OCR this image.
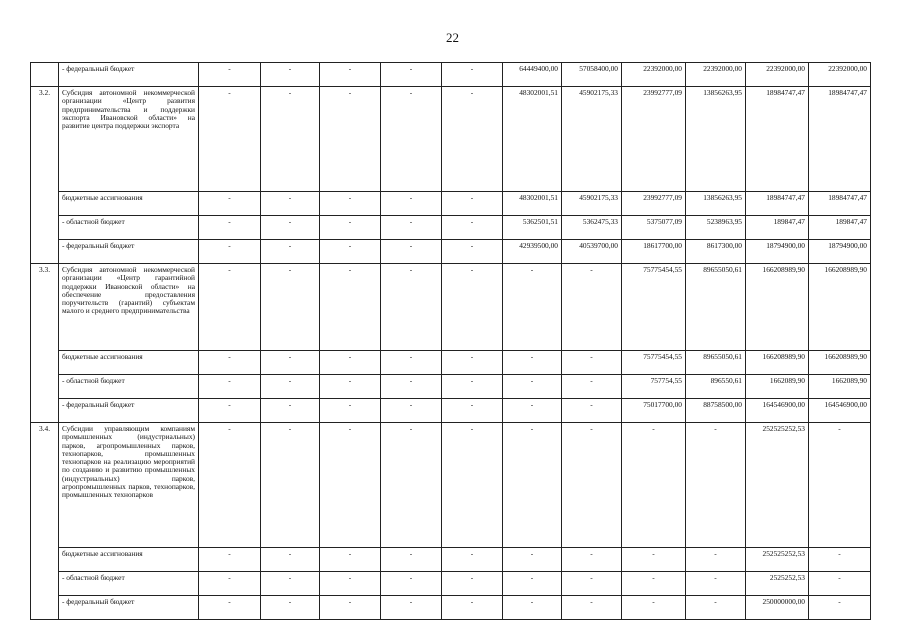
22
	- федеральный бюджет	-	-	-	-	-	64449400,00	57058400,00	22392000,00	22392000,00	22392000,00	22392000,00
3.2.	Субсидия автономной некоммерческой организации «Центр развития предпринимательства и поддержки экспорта Ивановской области» на развитие центра поддержки экспорта	-	-	-	-	-	48302001,51	45902175,33	23992777,09	13856263,95	18984747,47	18984747,47
	бюджетные ассигнования	-	-	-	-	-	48302001,51	45902175,33	23992777,09	13856263,95	18984747,47	18984747,47
	- областной бюджет	-	-	-	-	-	5362501,51	5362475,33	5375077,09	5238963,95	189847,47	189847,47
	- федеральный бюджет	-	-	-	-	-	42939500,00	40539700,00	18617700,00	8617300,00	18794900,00	18794900,00
3.3.	Субсидия автономной некоммерческой организации «Центр гарантийной поддержки Ивановской области» на обеспечение предоставления поручительств (гарантий) субъектам малого и среднего предпринимательства	-	-	-	-	-	-	-	75775454,55	89655050,61	166208989,90	166208989,90
	бюджетные ассигнования	-	-	-	-	-	-	-	75775454,55	89655050,61	166208989,90	166208989,90
	- областной бюджет	-	-	-	-	-	-	-	757754,55	896550,61	1662089,90	1662089,90
	- федеральный бюджет	-	-	-	-	-	-	-	75017700,00	88758500,00	164546900,00	164546900,00
3.4.	Субсидии управляющим компаниям промышленных (индустриальных) парков, агропромышленных парков, технопарков, промышленных технопарков на реализацию мероприятий по созданию и развитию промышленных (индустриальных) парков, агропромышленных парков, технопарков, промышленных технопарков	-	-	-	-	-	-	-	-	-	252525252,53	-
	бюджетные ассигнования	-	-	-	-	-	-	-	-	-	252525252,53	-
	- областной бюджет	-	-	-	-	-	-	-	-	-	2525252,53	-
	- федеральный бюджет	-	-	-	-	-	-	-	-	-	250000000,00	-
